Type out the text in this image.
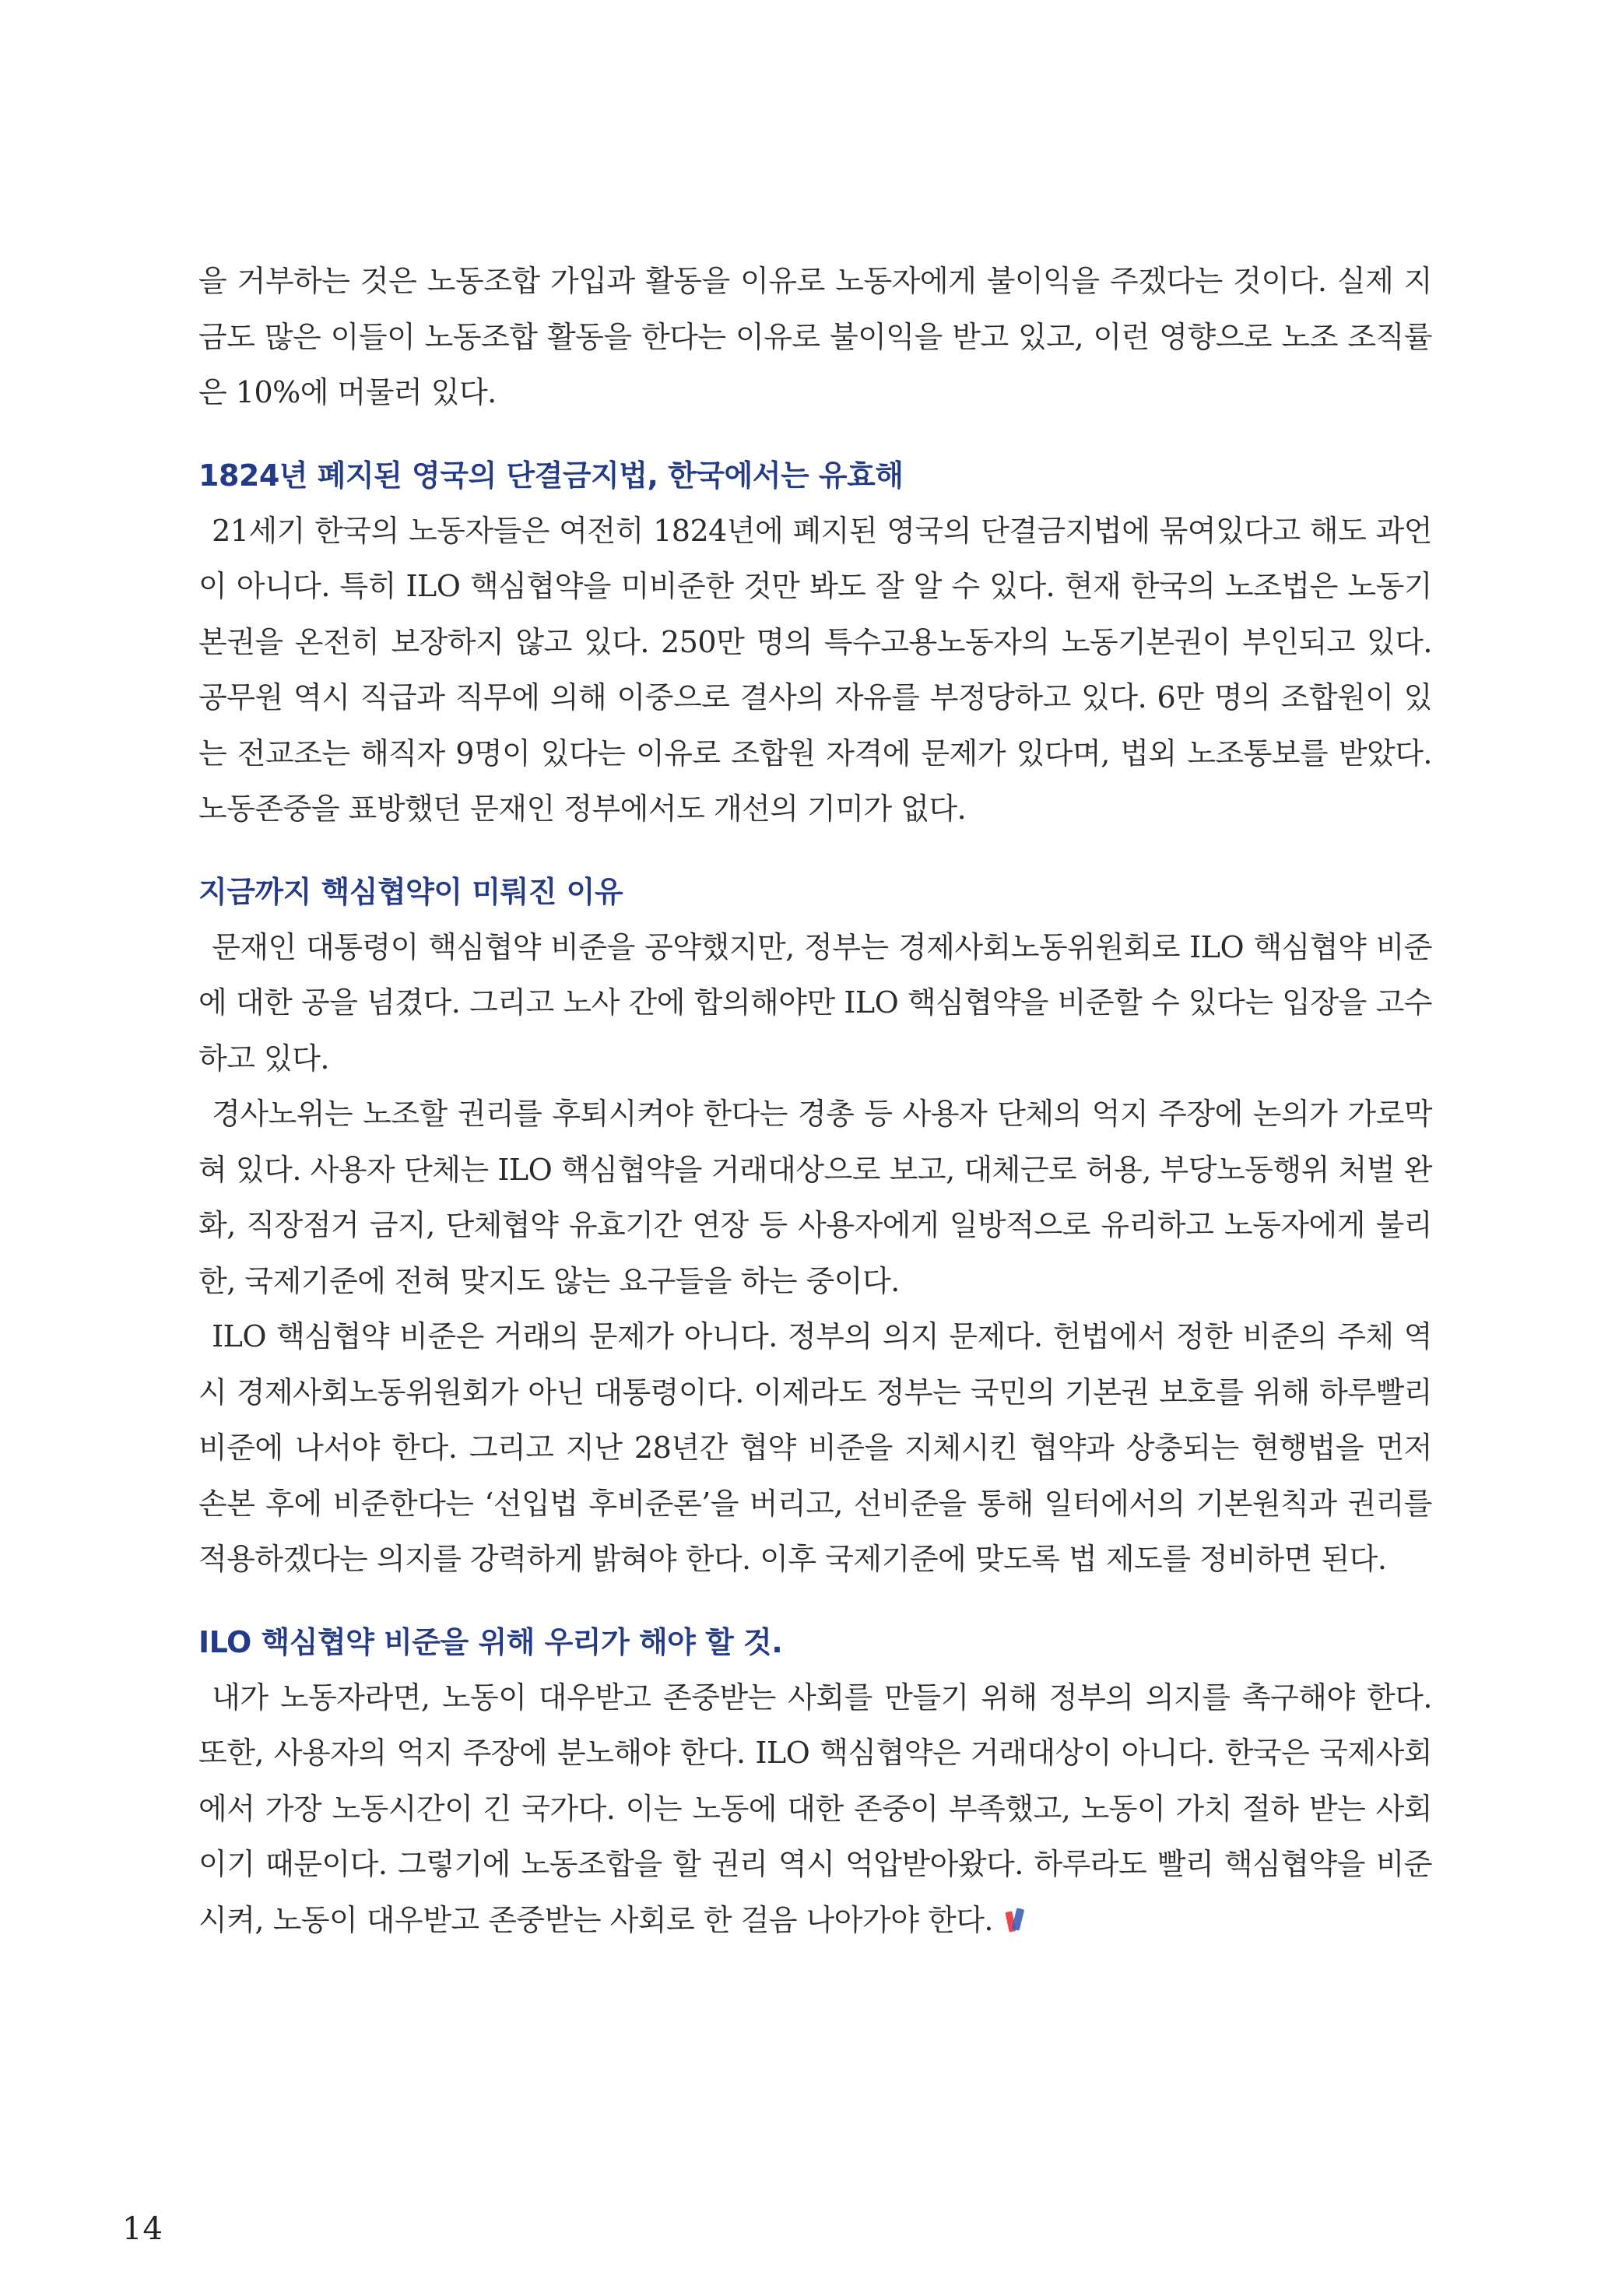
을 거부하는 것은 노동조합 가입과 활동을 이유로 노동자에게 불이익을 주겠다는 것이다. 실제 지금도 많은 이들이 노동조합 활동을 한다는 이유로 불이익을 받고 있고, 이런 영향으로 노조 조직률은 10%에 머물러 있다.

1824년 폐지된 영국의 단결금지법, 한국에서는 유효해

21세기 한국의 노동자들은 여전히 1824년에 폐지된 영국의 단결금지법에 묶여있다고 해도 과언이 아니다. 특히 ILO 핵심협약을 미비준한 것만 봐도 잘 알 수 있다. 현재 한국의 노조법은 노동기본권을 온전히 보장하지 않고 있다. 250만 명의 특수고용노동자의 노동기본권이 부인되고 있다. 공무원 역시 직급과 직무에 의해 이중으로 결사의 자유를 부정당하고 있다. 6만 명의 조합원이 있는 전교조는 해직자 9명이 있다는 이유로 조합원 자격에 문제가 있다며, 법외 노조통보를 받았다. 노동존중을 표방했던 문재인 정부에서도 개선의 기미가 없다.

지금까지 핵심협약이 미뤄진 이유

문재인 대통령이 핵심협약 비준을 공약했지만, 정부는 경제사회노동위원회로 ILO 핵심협약 비준에 대한 공을 넘겼다. 그리고 노사 간에 합의해야만 ILO 핵심협약을 비준할 수 있다는 입장을 고수하고 있다.

경사노위는 노조할 권리를 후퇴시켜야 한다는 경총 등 사용자 단체의 억지 주장에 논의가 가로막혀 있다. 사용자 단체는 ILO 핵심협약을 거래대상으로 보고, 대체근로 허용, 부당노동행위 처벌 완화, 직장점거 금지, 단체협약 유효기간 연장 등 사용자에게 일방적으로 유리하고 노동자에게 불리한, 국제기준에 전혀 맞지도 않는 요구들을 하는 중이다.

ILO 핵심협약 비준은 거래의 문제가 아니다. 정부의 의지 문제다. 헌법에서 정한 비준의 주체 역시 경제사회노동위원회가 아닌 대통령이다. 이제라도 정부는 국민의 기본권 보호를 위해 하루빨리 비준에 나서야 한다. 그리고 지난 28년간 협약 비준을 지체시킨 협약과 상충되는 현행법을 먼저 손본 후에 비준한다는 ‘선입법 후비준론’을 버리고, 선비준을 통해 일터에서의 기본원칙과 권리를 적용하겠다는 의지를 강력하게 밝혀야 한다. 이후 국제기준에 맞도록 법 제도를 정비하면 된다.

ILO 핵심협약 비준을 위해 우리가 해야 할 것.

내가 노동자라면, 노동이 대우받고 존중받는 사회를 만들기 위해 정부의 의지를 촉구해야 한다. 또한, 사용자의 억지 주장에 분노해야 한다. ILO 핵심협약은 거래대상이 아니다. 한국은 국제사회에서 가장 노동시간이 긴 국가다. 이는 노동에 대한 존중이 부족했고, 노동이 가치 절하 받는 사회이기 때문이다. 그렇기에 노동조합을 할 권리 역시 억압받아왔다. 하루라도 빨리 핵심협약을 비준시켜, 노동이 대우받고 존중받는 사회로 한 걸음 나아가야 한다.

14
